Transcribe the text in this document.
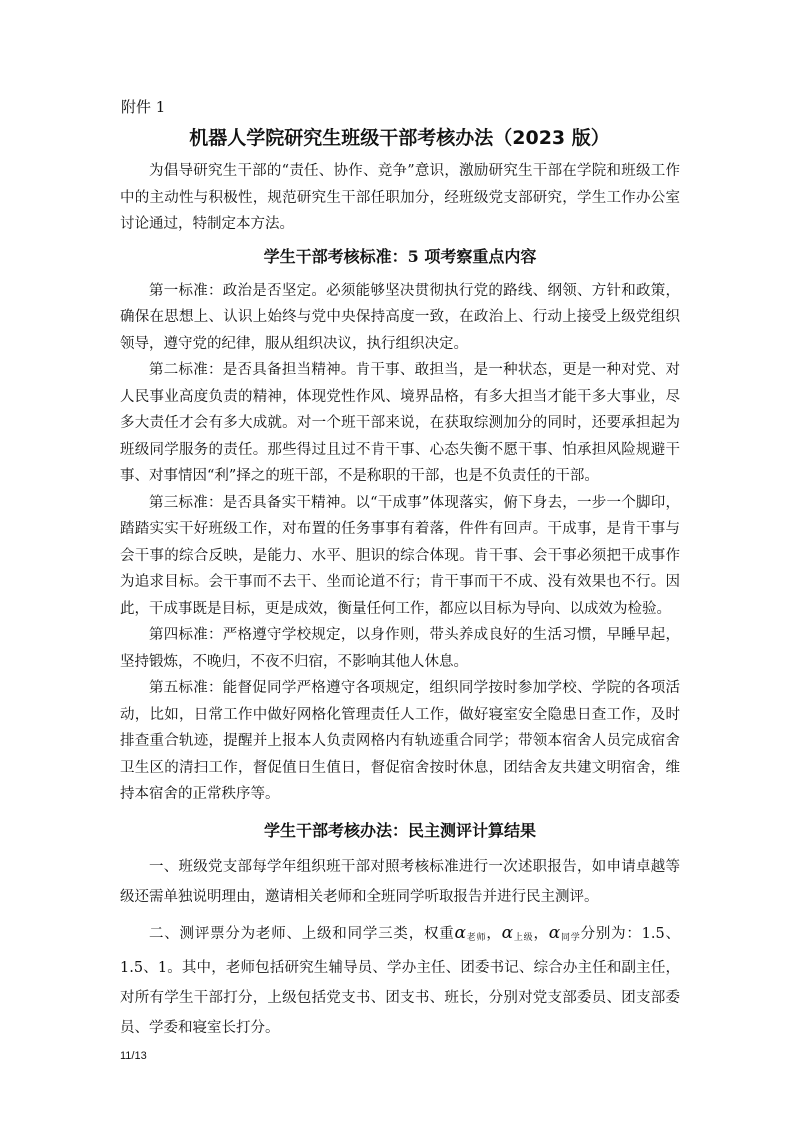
附件 1

机器人学院研究生班级干部考核办法（2023 版）

为倡导研究生干部的“责任、协作、竞争”意识，激励研究生干部在学院和班级工作中的主动性与积极性，规范研究生干部任职加分，经班级党支部研究，学生工作办公室讨论通过，特制定本方法。

学生干部考核标准：5 项考察重点内容

第一标准：政治是否坚定。必须能够坚决贯彻执行党的路线、纲领、方针和政策，确保在思想上、认识上始终与党中央保持高度一致，在政治上、行动上接受上级党组织领导，遵守党的纪律，服从组织决议，执行组织决定。

第二标准：是否具备担当精神。肯干事、敢担当，是一种状态，更是一种对党、对人民事业高度负责的精神，体现党性作风、境界品格，有多大担当才能干多大事业，尽多大责任才会有多大成就。对一个班干部来说，在获取综测加分的同时，还要承担起为班级同学服务的责任。那些得过且过不肯干事、心态失衡不愿干事、怕承担风险规避干事、对事情因“利”择之的班干部，不是称职的干部，也是不负责任的干部。

第三标准：是否具备实干精神。以“干成事”体现落实，俯下身去，一步一个脚印，踏踏实实干好班级工作，对布置的任务事事有着落，件件有回声。干成事，是肯干事与会干事的综合反映，是能力、水平、胆识的综合体现。肯干事、会干事必须把干成事作为追求目标。会干事而不去干、坐而论道不行；肯干事而干不成、没有效果也不行。因此，干成事既是目标，更是成效，衡量任何工作，都应以目标为导向、以成效为检验。

第四标准：严格遵守学校规定，以身作则，带头养成良好的生活习惯，早睡早起，坚持锻炼，不晚归，不夜不归宿，不影响其他人休息。

第五标准：能督促同学严格遵守各项规定，组织同学按时参加学校、学院的各项活动，比如，日常工作中做好网格化管理责任人工作，做好寝室安全隐患日查工作，及时排查重合轨迹，提醒并上报本人负责网格内有轨迹重合同学；带领本宿舍人员完成宿舍卫生区的清扫工作，督促值日生值日，督促宿舍按时休息，团结舍友共建文明宿舍，维持本宿舍的正常秩序等。

学生干部考核办法：民主测评计算结果

一、班级党支部每学年组织班干部对照考核标准进行一次述职报告，如申请卓越等级还需单独说明理由，邀请相关老师和全班同学听取报告并进行民主测评。

二、测评票分为老师、上级和同学三类，权重α老师，α上级，α同学分别为：1.5、1.5、1。其中，老师包括研究生辅导员、学办主任、团委书记、综合办主任和副主任，对所有学生干部打分，上级包括党支书、团支书、班长，分别对党支部委员、团支部委员、学委和寝室长打分。

11/13
